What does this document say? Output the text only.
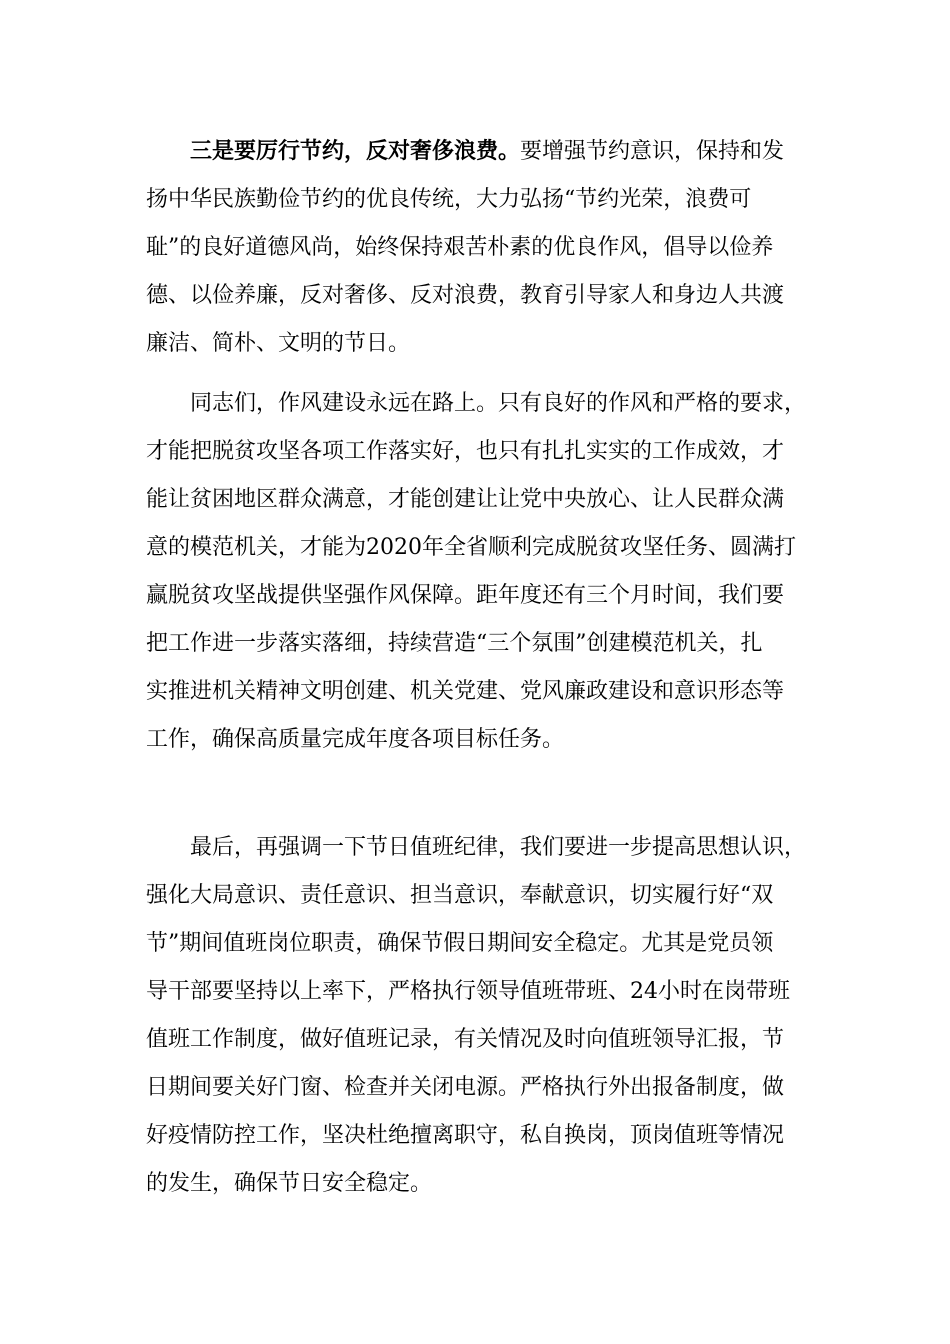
三是要厉行节约，反对奢侈浪费。要增强节约意识，保持和发
扬中华民族勤俭节约的优良传统，大力弘扬“节约光荣，浪费可
耻”的良好道德风尚，始终保持艰苦朴素的优良作风，倡导以俭养
德、以俭养廉，反对奢侈、反对浪费，教育引导家人和身边人共渡
廉洁、简朴、文明的节日。

同志们，作风建设永远在路上。只有良好的作风和严格的要求，
才能把脱贫攻坚各项工作落实好，也只有扎扎实实的工作成效，才
能让贫困地区群众满意，才能创建让让党中央放心、让人民群众满
意的模范机关，才能为2020年全省顺利完成脱贫攻坚任务、圆满打
赢脱贫攻坚战提供坚强作风保障。距年度还有三个月时间，我们要
把工作进一步落实落细，持续营造“三个氛围”创建模范机关，扎
实推进机关精神文明创建、机关党建、党风廉政建设和意识形态等
工作，确保高质量完成年度各项目标任务。

最后，再强调一下节日值班纪律，我们要进一步提高思想认识，
强化大局意识、责任意识、担当意识，奉献意识，切实履行好“双
节”期间值班岗位职责，确保节假日期间安全稳定。尤其是党员领
导干部要坚持以上率下，严格执行领导值班带班、24小时在岗带班
值班工作制度，做好值班记录，有关情况及时向值班领导汇报，节
日期间要关好门窗、检查并关闭电源。严格执行外出报备制度，做
好疫情防控工作，坚决杜绝擅离职守，私自换岗，顶岗值班等情况
的发生，确保节日安全稳定。
